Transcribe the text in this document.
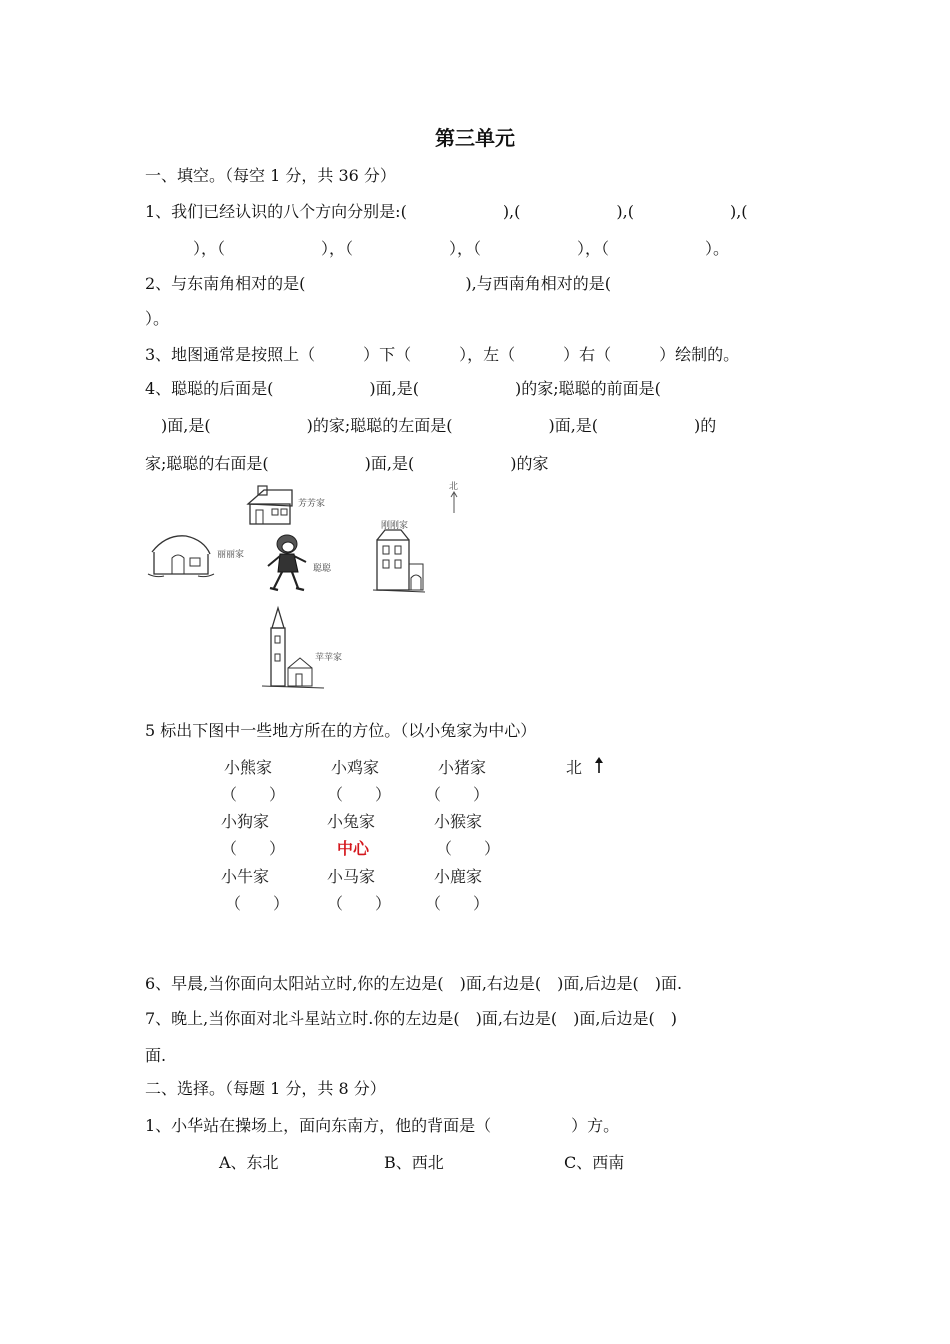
第三单元
一、填空。（每空 1 分，共 36 分）
1、我们已经认识的八个方向分别是:(　　　　　　),(　　　　　　),(　　　　　　),(
　　　），（　　　　　　），（　　　　　　），（　　　　　　），（　　　　　　）。
2、与东南角相对的是(　　　　　　　　　　),与西南角相对的是(
）。
3、地图通常是按照上（　　　）下（　　　），左（　　　）右（　　　）绘制的。
4、聪聪的后面是(　　　　　　)面,是(　　　　　　)的家;聪聪的前面是(
　)面,是(　　　　　　)的家;聪聪的左面是(　　　　　　)面,是(　　　　　　)的
家;聪聪的右面是(　　　　　　)面,是(　　　　　　)的家
芳芳家
丽丽家
聪聪
刚刚家
苹苹家
北
5 标出下图中一些地方所在的方位。（以小兔家为中心）
小熊家	小鸡家	小猪家	北
（　　）	（　　） （　　）
小狗家	小兔家	小猴家
（　　）	中心	（　　）
小牛家	小马家	小鹿家
（　　） （　　） （　　）
6、早晨,当你面向太阳站立时,你的左边是(　)面,右边是(　)面,后边是(　)面.
7、晚上,当你面对北斗星站立时.你的左边是(　)面,右边是(　)面,后边是(　)
面.
二、选择。（每题 1 分，共 8 分）
1、小华站在操场上，面向东南方，他的背面是（　　　　　）方。
A、东北	B、西北	C、西南
